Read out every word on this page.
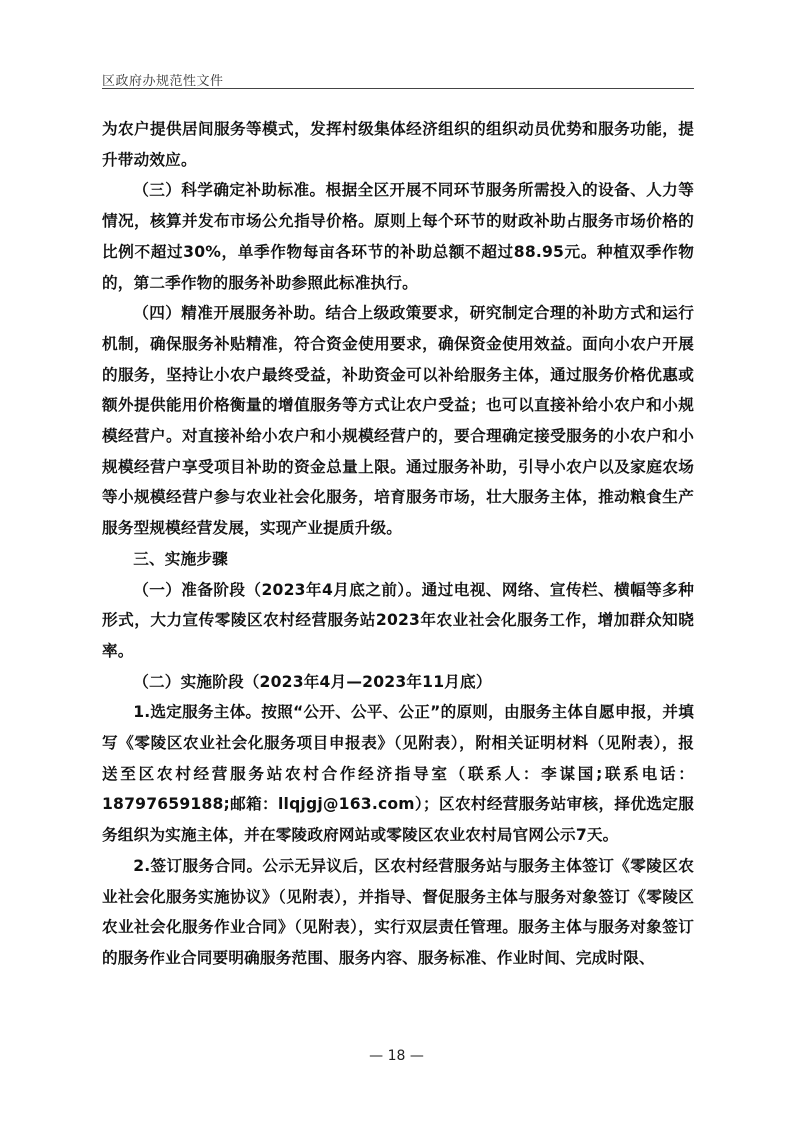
区政府办规范性文件

为农户提供居间服务等模式，发挥村级集体经济组织的组织动员优势和服务功能，提升带动效应。

（三）科学确定补助标准。根据全区开展不同环节服务所需投入的设备、人力等情况，核算并发布市场公允指导价格。原则上每个环节的财政补助占服务市场价格的比例不超过30%，单季作物每亩各环节的补助总额不超过88.95元。种植双季作物的，第二季作物的服务补助参照此标准执行。

（四）精准开展服务补助。结合上级政策要求，研究制定合理的补助方式和运行机制，确保服务补贴精准，符合资金使用要求，确保资金使用效益。面向小农户开展的服务，坚持让小农户最终受益，补助资金可以补给服务主体，通过服务价格优惠或额外提供能用价格衡量的增值服务等方式让农户受益；也可以直接补给小农户和小规模经营户。对直接补给小农户和小规模经营户的，要合理确定接受服务的小农户和小规模经营户享受项目补助的资金总量上限。通过服务补助，引导小农户以及家庭农场等小规模经营户参与农业社会化服务，培育服务市场，壮大服务主体，推动粮食生产服务型规模经营发展，实现产业提质升级。

三、实施步骤

（一）准备阶段（2023年4月底之前）。通过电视、网络、宣传栏、横幅等多种形式，大力宣传零陵区农村经营服务站2023年农业社会化服务工作，增加群众知晓率。

（二）实施阶段（2023年4月—2023年11月底）

1.选定服务主体。按照“公开、公平、公正”的原则，由服务主体自愿申报，并填写《零陵区农业社会化服务项目申报表》（见附表），附相关证明材料（见附表），报送至区农村经营服务站农村合作经济指导室（联系人：李谋国;联系电话：18797659188;邮箱：llqjgj@163.com）；区农村经营服务站审核，择优选定服务组织为实施主体，并在零陵政府网站或零陵区农业农村局官网公示7天。

2.签订服务合同。公示无异议后，区农村经营服务站与服务主体签订《零陵区农业社会化服务实施协议》（见附表），并指导、督促服务主体与服务对象签订《零陵区农业社会化服务作业合同》（见附表），实行双层责任管理。服务主体与服务对象签订的服务作业合同要明确服务范围、服务内容、服务标准、作业时间、完成时限、

— 18 —
